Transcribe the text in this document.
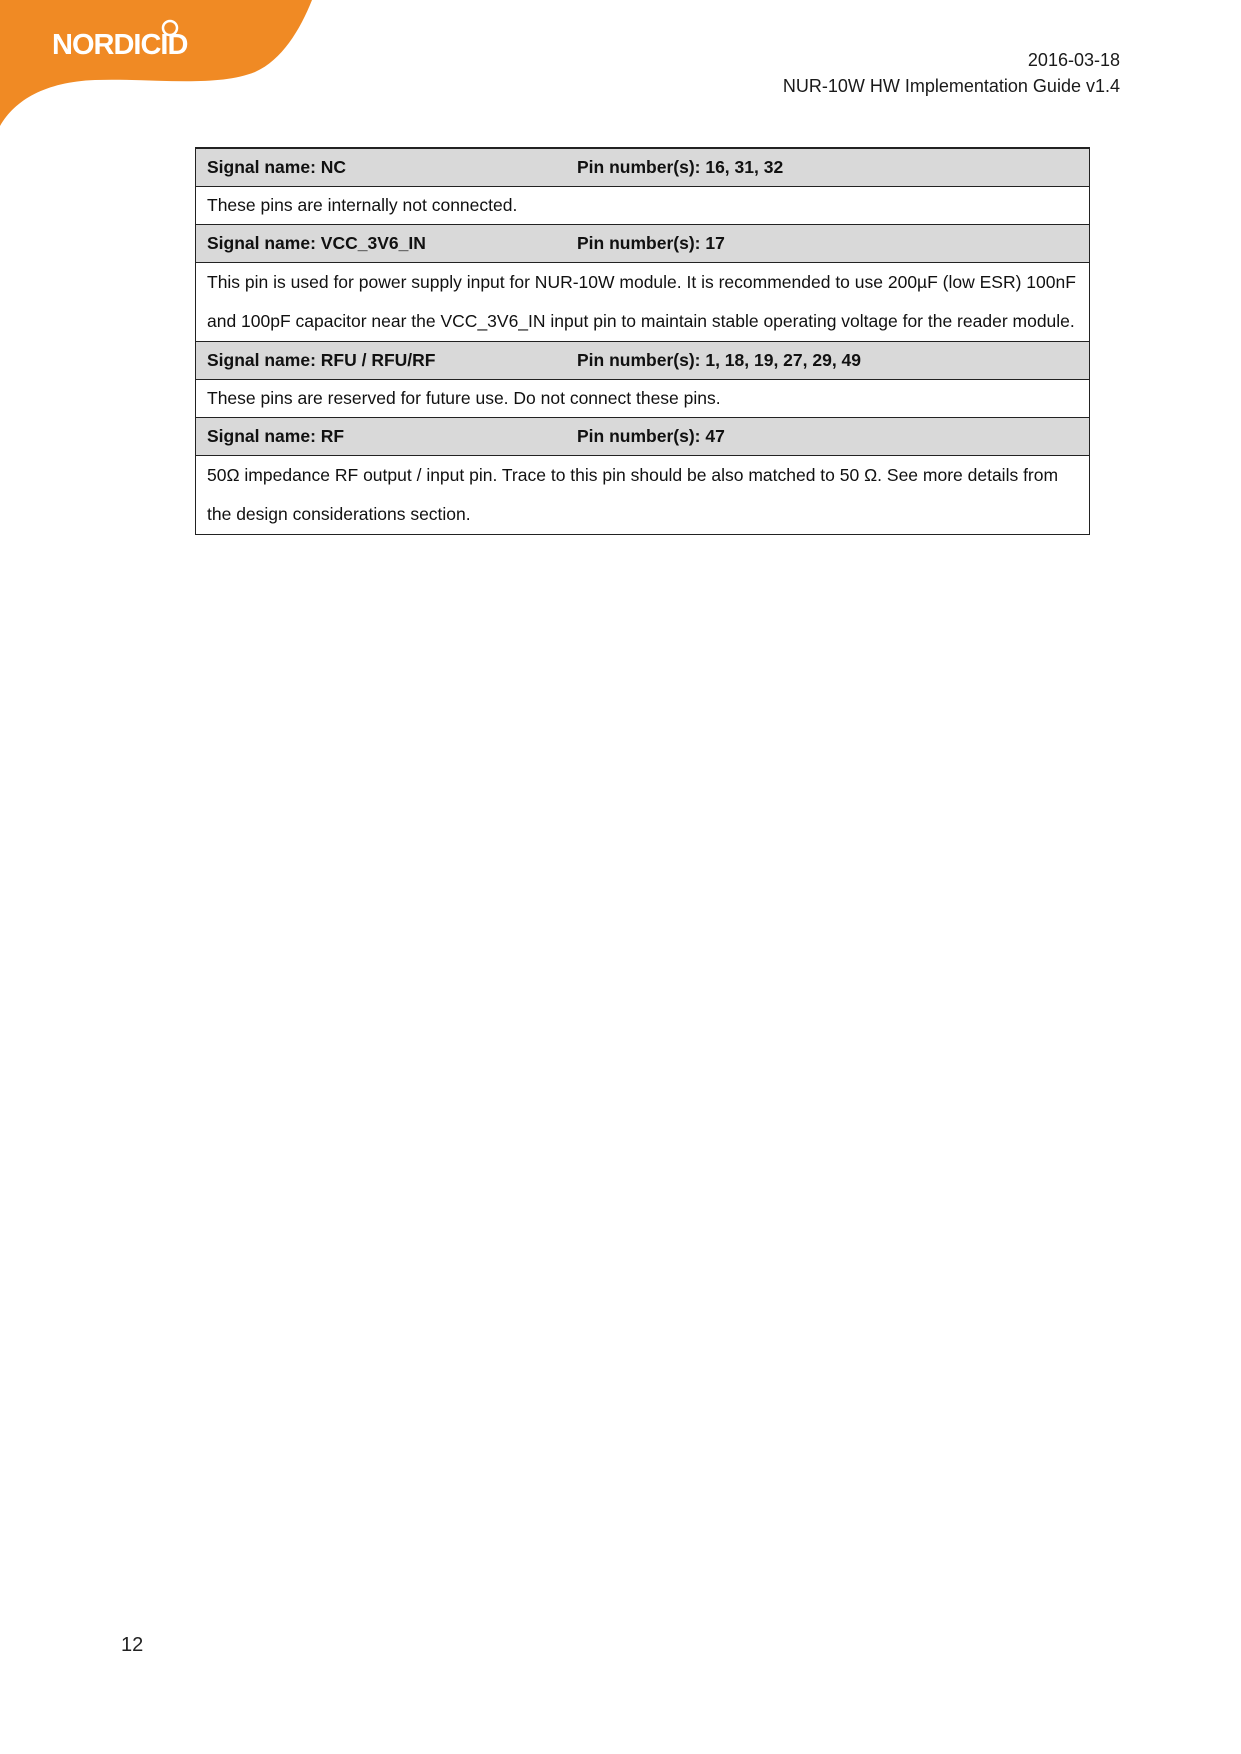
NORDICID	2016-03-18
NUR-10W HW Implementation Guide v1.4
Signal name: NC	Pin number(s): 16, 31, 32
These pins are internally not connected.
Signal name: VCC_3V6_IN	Pin number(s): 17
This pin is used for power supply input for NUR-10W module. It is recommended to use 200µF (low ESR) 100nF and 100pF capacitor near the VCC_3V6_IN input pin to maintain stable operating voltage for the reader module.
Signal name: RFU / RFU/RF	Pin number(s): 1, 18, 19, 27, 29, 49
These pins are reserved for future use. Do not connect these pins.
Signal name: RF	Pin number(s): 47
50Ω impedance RF output / input pin. Trace to this pin should be also matched to 50 Ω. See more details from the design considerations section.
12
